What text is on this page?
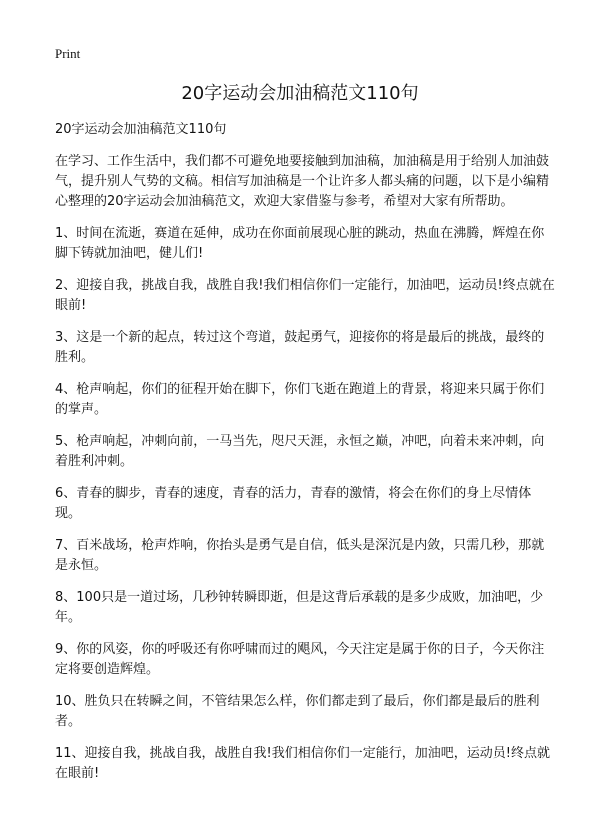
Print
20字运动会加油稿范文110句

20字运动会加油稿范文110句

在学习、工作生活中，我们都不可避免地要接触到加油稿，加油稿是用于给别人加油鼓气，提升别人气势的文稿。相信写加油稿是一个让许多人都头痛的问题，以下是小编精心整理的20字运动会加油稿范文，欢迎大家借鉴与参考，希望对大家有所帮助。

1、时间在流逝，赛道在延伸，成功在你面前展现心脏的跳动，热血在沸腾，辉煌在你脚下铸就加油吧，健儿们!

2、迎接自我，挑战自我，战胜自我!我们相信你们一定能行，加油吧，运动员!终点就在眼前!

3、这是一个新的起点，转过这个弯道，鼓起勇气，迎接你的将是最后的挑战，最终的胜利。

4、枪声响起，你们的征程开始在脚下，你们飞逝在跑道上的背景，将迎来只属于你们的掌声。

5、枪声响起，冲刺向前，一马当先，咫尺天涯，永恒之巅，冲吧，向着未来冲刺，向着胜利冲刺。

6、青春的脚步，青春的速度，青春的活力，青春的激情，将会在你们的身上尽情体现。

7、百米战场，枪声炸响，你抬头是勇气是自信，低头是深沉是内敛，只需几秒，那就是永恒。

8、100只是一道过场，几秒钟转瞬即逝，但是这背后承载的是多少成败，加油吧，少年。

9、你的风姿，你的呼吸还有你呼啸而过的飓风，今天注定是属于你的日子，今天你注定将要创造辉煌。

10、胜负只在转瞬之间，不管结果怎么样，你们都走到了最后，你们都是最后的胜利者。

11、迎接自我，挑战自我，战胜自我!我们相信你们一定能行，加油吧，运动员!终点就在眼前!
